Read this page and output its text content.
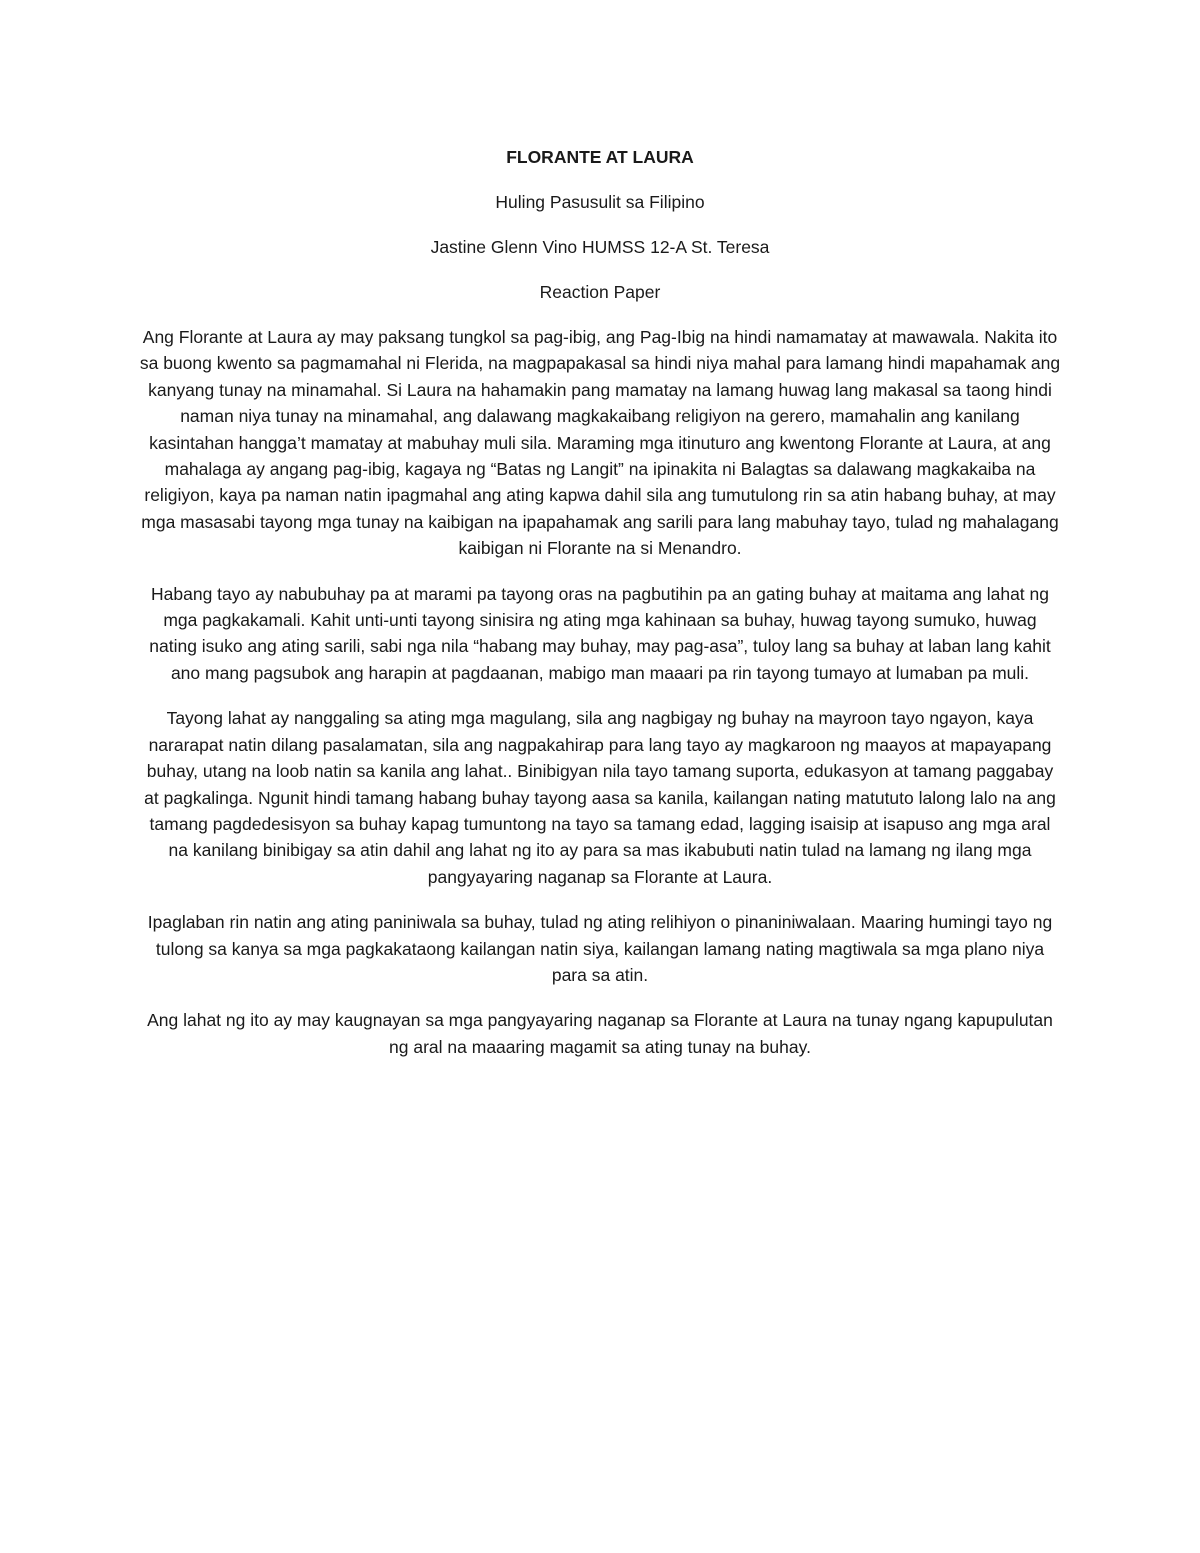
FLORANTE AT LAURA
Huling Pasusulit sa Filipino
Jastine Glenn Vino HUMSS 12-A St. Teresa
Reaction Paper

Ang Florante at Laura ay may paksang tungkol sa pag-ibig, ang Pag-Ibig na hindi namamatay at mawawala. Nakita ito sa buong kwento sa pagmamahal ni Flerida, na magpapakasal sa hindi niya mahal para lamang hindi mapahamak ang kanyang tunay na minamahal. Si Laura na hahamakin pang mamatay na lamang huwag lang makasal sa taong hindi naman niya tunay na minamahal, ang dalawang magkakaibang religiyon na gerero, mamahalin ang kanilang kasintahan hangga’t mamatay at mabuhay muli sila. Maraming mga itinuturo ang kwentong Florante at Laura, at ang mahalaga ay angang pag-ibig, kagaya ng “Batas ng Langit” na ipinakita ni Balagtas sa dalawang magkakaiba na religiyon, kaya pa naman natin ipagmahal ang ating kapwa dahil sila ang tumutulong rin sa atin habang buhay, at may mga masasabi tayong mga tunay na kaibigan na ipapahamak ang sarili para lang mabuhay tayo, tulad ng mahalagang kaibigan ni Florante na si Menandro.

Habang tayo ay nabubuhay pa at marami pa tayong oras na pagbutihin pa an gating buhay at maitama ang lahat ng mga pagkakamali. Kahit unti-unti tayong sinisira ng ating mga kahinaan sa buhay, huwag tayong sumuko, huwag nating isuko ang ating sarili, sabi nga nila “habang may buhay, may pag-asa”, tuloy lang sa buhay at laban lang kahit ano mang pagsubok ang harapin at pagdaanan, mabigo man maaari pa rin tayong tumayo at lumaban pa muli.

Tayong lahat ay nanggaling sa ating mga magulang, sila ang nagbigay ng buhay na mayroon tayo ngayon, kaya nararapat natin dilang pasalamatan, sila ang nagpakahirap para lang tayo ay magkaroon ng maayos at mapayapang buhay, utang na loob natin sa kanila ang lahat.. Binibigyan nila tayo tamang suporta, edukasyon at tamang paggabay at pagkalinga. Ngunit hindi tamang habang buhay tayong aasa sa kanila, kailangan nating matututo lalong lalo na ang tamang pagdedesisyon sa buhay kapag tumuntong na tayo sa tamang edad, lagging isaisip at isapuso ang mga aral na kanilang binibigay sa atin dahil ang lahat ng ito ay para sa mas ikabubuti natin tulad na lamang ng ilang mga pangyayaring naganap sa Florante at Laura.

Ipaglaban rin natin ang ating paniniwala sa buhay, tulad ng ating relihiyon o pinaniniwalaan. Maaring humingi tayo ng tulong sa kanya sa mga pagkakataong kailangan natin siya, kailangan lamang nating magtiwala sa mga plano niya para sa atin.

Ang lahat ng ito ay may kaugnayan sa mga pangyayaring naganap sa Florante at Laura na tunay ngang kapupulutan ng aral na maaaring magamit sa ating tunay na buhay.
